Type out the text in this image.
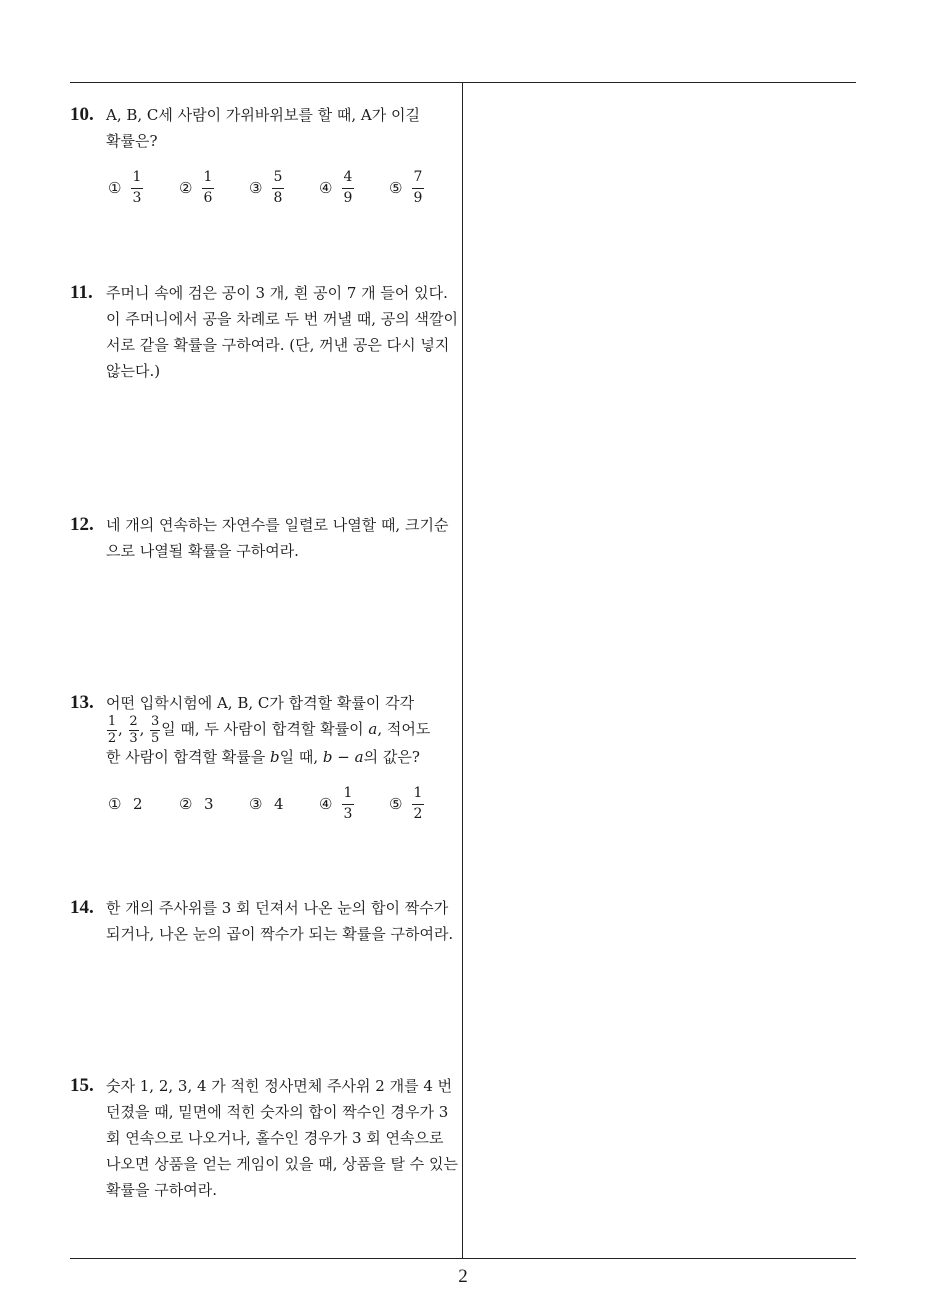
10. A, B, C세 사람이 가위바위보를 할 때, A가 이길
확률은?
①
1
3
②
1
6
③
5
8
④
4
9
⑤
7
9
11. 주머니 속에 검은 공이 3 개, 흰 공이 7 개 들어 있다.
이 주머니에서 공을 차례로 두 번 꺼낼 때, 공의 색깔이
서로 같을 확률을 구하여라. (단, 꺼낸 공은 다시 넣지
않는다.)
12. 네 개의 연속하는 자연수를 일렬로 나열할 때, 크기순
으로 나열될 확률을 구하여라.
13. 어떤 입학시험에 A, B, C가 합격할 확률이 각각
$\frac{1}{2}$, $\frac{2}{3}$, $\frac{3}{5}$일 때, 두 사람이 합격할 확률이 a, 적어도
한 사람이 합격할 확률을 b일 때, b − a의 값은?
① 2 ② 3 ③ 4 ④
1
3
⑤
1
2
14. 한 개의 주사위를 3 회 던져서 나온 눈의 합이 짝수가
되거나, 나온 눈의 곱이 짝수가 되는 확률을 구하여라.
15. 숫자 1, 2, 3, 4 가 적힌 정사면체 주사위 2 개를 4 번
던졌을 때, 밑면에 적힌 숫자의 합이 짝수인 경우가 3
회 연속으로 나오거나, 홀수인 경우가 3 회 연속으로
나오면 상품을 얻는 게임이 있을 때, 상품을 탈 수 있는
확률을 구하여라.
2
